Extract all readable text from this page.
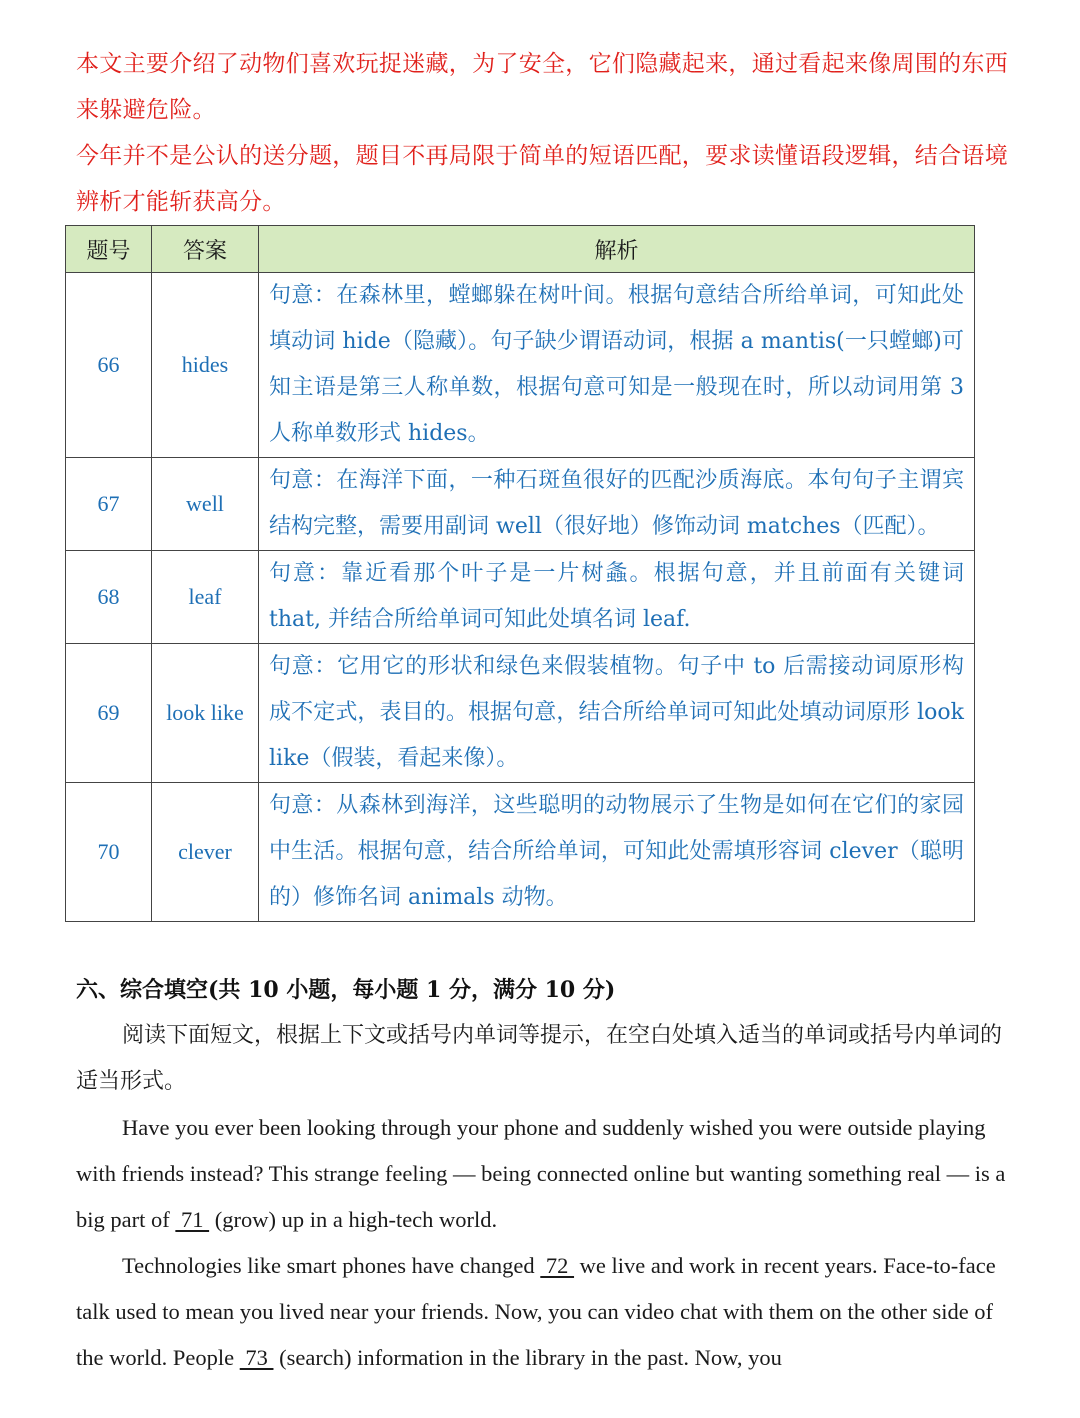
本文主要介绍了动物们喜欢玩捉迷藏，为了安全，它们隐藏起来，通过看起来像周围的东西来躲避危险。
今年并不是公认的送分题，题目不再局限于简单的短语匹配，要求读懂语段逻辑，结合语境辨析才能斩获高分。
题号	答案	解析
66	hides	句意：在森林里，螳螂躲在树叶间。根据句意结合所给单词，可知此处填动词 hide（隐藏）。句子缺少谓语动词，根据 a mantis(一只螳螂)可知主语是第三人称单数，根据句意可知是一般现在时，所以动词用第 3 人称单数形式 hides。
67	well	句意：在海洋下面，一种石斑鱼很好的匹配沙质海底。本句句子主谓宾结构完整，需要用副词 well（很好地）修饰动词 matches（匹配）。
68	leaf	句意：靠近看那个叶子是一片树螽。根据句意，并且前面有关键词 that, 并结合所给单词可知此处填名词 leaf.
69	look like	句意：它用它的形状和绿色来假装植物。句子中 to 后需接动词原形构成不定式，表目的。根据句意，结合所给单词可知此处填动词原形 look like（假装，看起来像）。
70	clever	句意：从森林到海洋，这些聪明的动物展示了生物是如何在它们的家园中生活。根据句意，结合所给单词，可知此处需填形容词 clever（聪明的）修饰名词 animals 动物。
六、综合填空(共 10 小题，每小题 1 分，满分 10 分)
阅读下面短文，根据上下文或括号内单词等提示，在空白处填入适当的单词或括号内单词的适当形式。
Have you ever been looking through your phone and suddenly wished you were outside playing with friends instead? This strange feeling — being connected online but wanting something real — is a big part of  71  (grow) up in a high-tech world.
Technologies like smart phones have changed  72  we live and work in recent years. Face-to-face talk used to mean you lived near your friends. Now, you can video chat with them on the other side of the world. People  73  (search) information in the library in the past. Now, you
